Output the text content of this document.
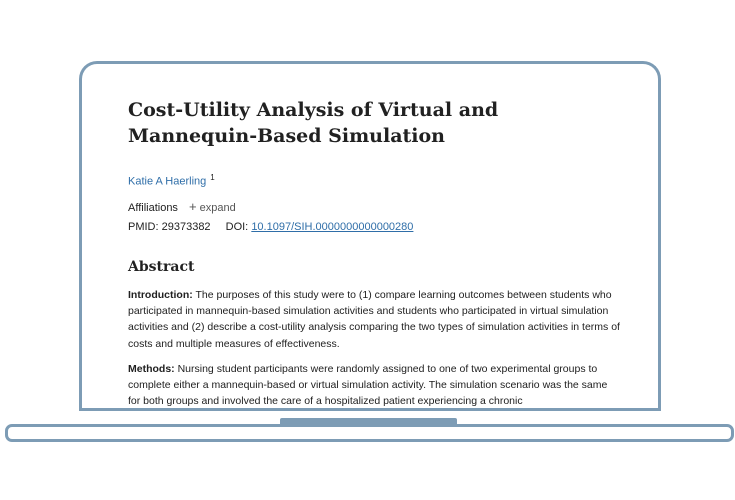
Cost-Utility Analysis of Virtual and Mannequin-Based Simulation
Katie A Haerling $^1$
Affiliations + expand
PMID: 29373382 DOI: 10.1097/SIH.0000000000000280
Abstract

Introduction: The purposes of this study were to (1) compare learning outcomes between students who participated in mannequin-based simulation activities and students who participated in virtual simulation activities and (2) describe a cost-utility analysis comparing the two types of simulation activities in terms of costs and multiple measures of effectiveness.

Methods: Nursing student participants were randomly assigned to one of two experimental groups to complete either a mannequin-based or virtual simulation activity. The simulation scenario was the same for both groups and involved the care of a hospitalized patient experiencing a chronic
